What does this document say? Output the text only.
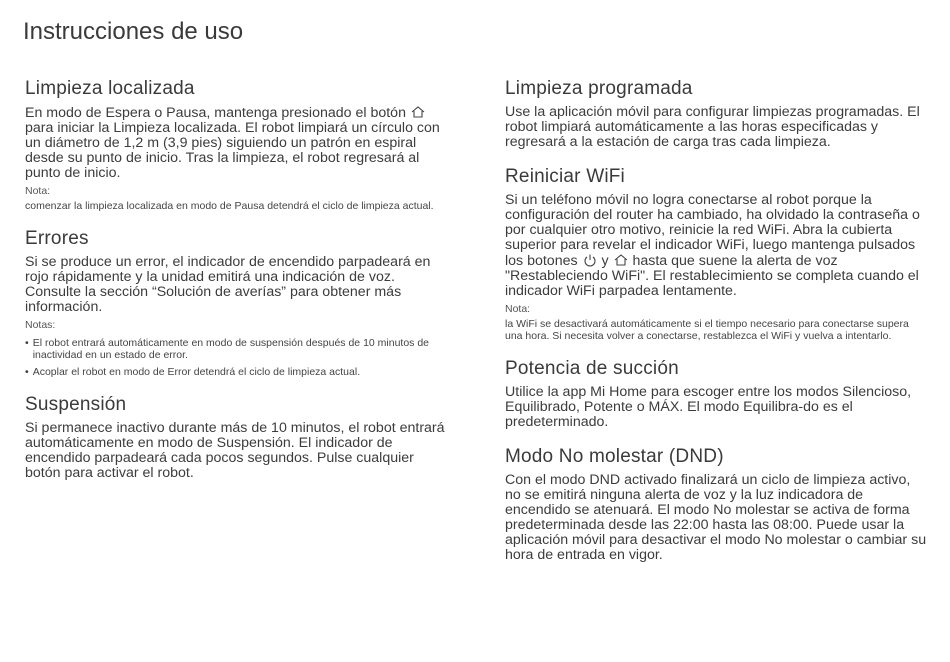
Instrucciones de uso
Limpieza localizada

En modo de Espera o Pausa, mantenga presionado el botón  para iniciar la Limpieza localizada. El robot limpiará un círculo con un diámetro de 1,2 m (3,9 pies) siguiendo un patrón en espiral desde su punto de inicio. Tras la limpieza, el robot regresará al punto de inicio.

Nota:
comenzar la limpieza localizada en modo de Pausa detendrá el ciclo de limpieza actual.
Errores

Si se produce un error, el indicador de encendido parpadeará en rojo rápidamente y la unidad emitirá una indicación de voz. Consulte la sección “Solución de averías” para obtener más información.

Notas:
• El robot entrará automáticamente en modo de suspensión después de 10 minutos de inactividad en un estado de error.
• Acoplar el robot en modo de Error detendrá el ciclo de limpieza actual.
Suspensión

Si permanece inactivo durante más de 10 minutos, el robot entrará automáticamente en modo de Suspensión. El indicador de encendido parpadeará cada pocos segundos. Pulse cualquier botón para activar el robot.

Limpieza programada

Use la aplicación móvil para configurar limpiezas programadas. El robot limpiará automáticamente a las horas especificadas y regresará a la estación de carga tras cada limpieza.

Reiniciar WiFi

Si un teléfono móvil no logra conectarse al robot porque la configuración del router ha cambiado, ha olvidado la contraseña o por cualquier otro motivo, reinicie la red WiFi. Abra la cubierta superior para revelar el indicador WiFi, luego mantenga pulsados los botones y hasta que suene la alerta de voz "Restableciendo WiFi". El restablecimiento se completa cuando el indicador WiFi parpadea lentamente.

Nota:
la WiFi se desactivará automáticamente si el tiempo necesario para conectarse supera una hora. Si necesita volver a conectarse, restablezca el WiFi y vuelva a intentarlo.
Potencia de succión

Utilice la app Mi Home para escoger entre los modos Silencioso, Equilibrado, Potente o MÁX. El modo Equilibra-do es el predeterminado.

Modo No molestar (DND)

Con el modo DND activado finalizará un ciclo de limpieza activo, no se emitirá ninguna alerta de voz y la luz indicadora de encendido se atenuará. El modo No molestar se activa de forma predeterminada desde las 22:00 hasta las 08:00. Puede usar la aplicación móvil para desactivar el modo No molestar o cambiar su hora de entrada en vigor.
